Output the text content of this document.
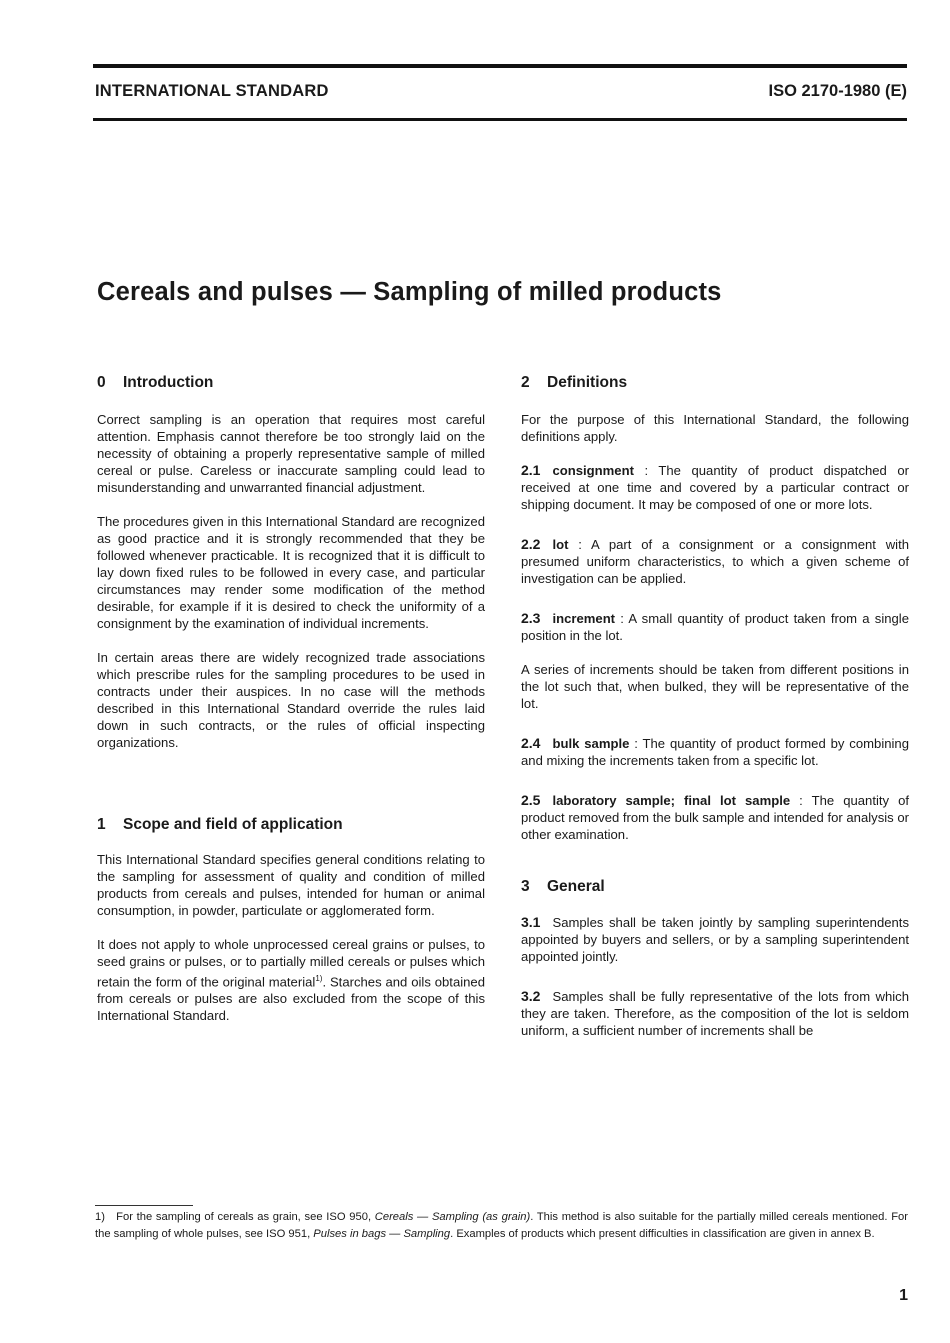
INTERNATIONAL STANDARD	ISO 2170-1980 (E)
Cereals and pulses — Sampling of milled products
0 Introduction

Correct sampling is an operation that requires most careful attention. Emphasis cannot therefore be too strongly laid on the necessity of obtaining a properly representative sample of milled cereal or pulse. Careless or inaccurate sampling could lead to misunderstanding and unwarranted financial adjustment.

The procedures given in this International Standard are recognized as good practice and it is strongly recommended that they be followed whenever practicable. It is recognized that it is difficult to lay down fixed rules to be followed in every case, and particular circumstances may render some modification of the method desirable, for example if it is desired to check the uniformity of a consignment by the examination of individual increments.

In certain areas there are widely recognized trade associations which prescribe rules for the sampling procedures to be used in contracts under their auspices. In no case will the methods described in this International Standard override the rules laid down in such contracts, or the rules of official inspecting organizations.

1 Scope and field of application

This International Standard specifies general conditions relating to the sampling for assessment of quality and condition of milled products from cereals and pulses, intended for human or animal consumption, in powder, particulate or agglomerated form.

It does not apply to whole unprocessed cereal grains or pulses, to seed grains or pulses, or to partially milled cereals or pulses which retain the form of the original material$^{1)}$. Starches and oils obtained from cereals or pulses are also excluded from the scope of this International Standard.

2 Definitions

For the purpose of this International Standard, the following definitions apply.

2.1 consignment : The quantity of product dispatched or received at one time and covered by a particular contract or shipping document. It may be composed of one or more lots.

2.2 lot : A part of a consignment or a consignment with presumed uniform characteristics, to which a given scheme of investigation can be applied.

2.3 increment : A small quantity of product taken from a single position in the lot.

A series of increments should be taken from different positions in the lot such that, when bulked, they will be representative of the lot.

2.4 bulk sample : The quantity of product formed by combining and mixing the increments taken from a specific lot.

2.5 laboratory sample; final lot sample : The quantity of product removed from the bulk sample and intended for analysis or other examination.

3 General

3.1 Samples shall be taken jointly by sampling superintendents appointed by buyers and sellers, or by a sampling superintendent appointed jointly.

3.2 Samples shall be fully representative of the lots from which they are taken. Therefore, as the composition of the lot is seldom uniform, a sufficient number of increments shall be

1) For the sampling of cereals as grain, see ISO 950, Cereals — Sampling (as grain). This method is also suitable for the partially milled cereals mentioned. For the sampling of whole pulses, see ISO 951, Pulses in bags — Sampling. Examples of products which present difficulties in classification are given in annex B.
1
